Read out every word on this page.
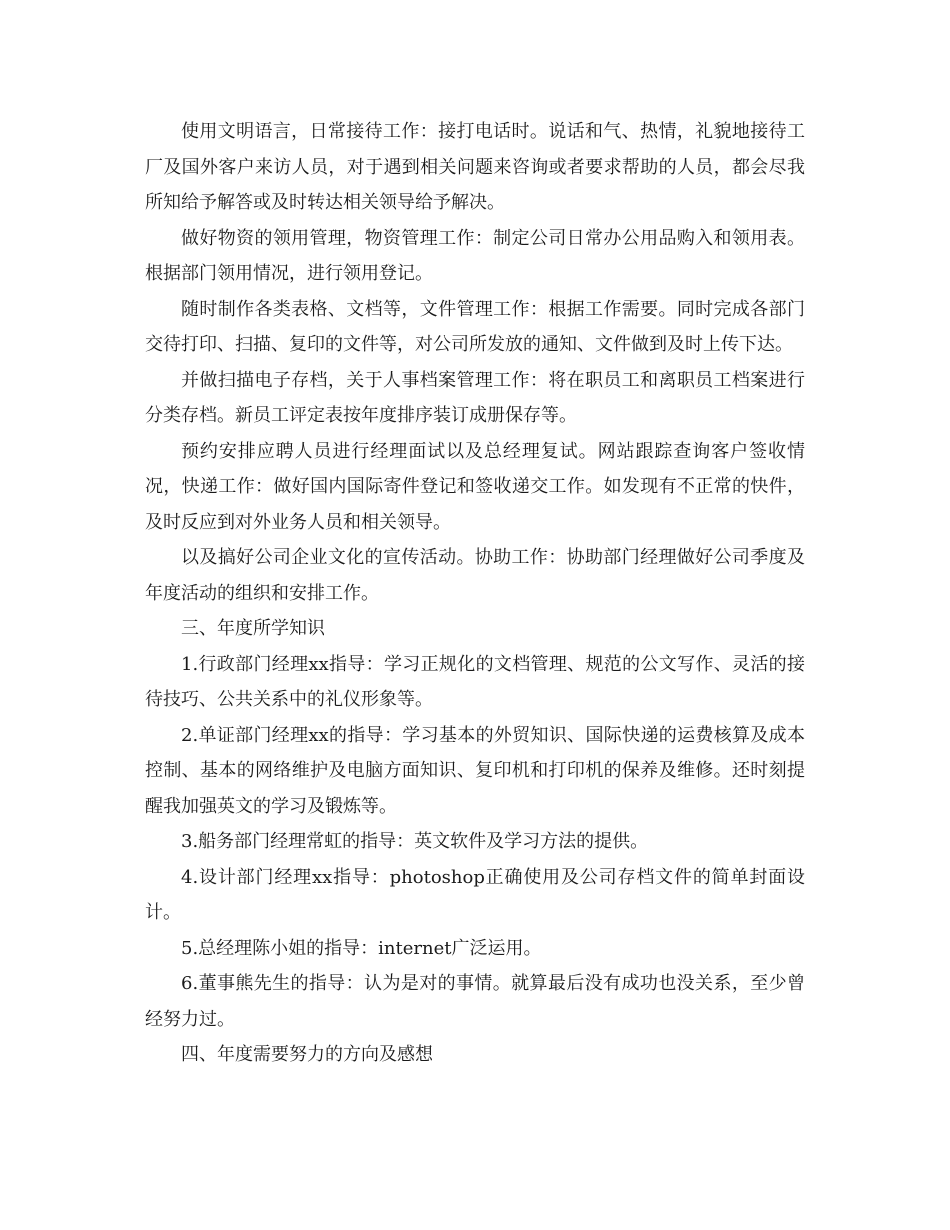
使用文明语言，日常接待工作：接打电话时。说话和气、热情，礼貌地接待工厂及国外客户来访人员，对于遇到相关问题来咨询或者要求帮助的人员，都会尽我所知给予解答或及时转达相关领导给予解决。

做好物资的领用管理，物资管理工作：制定公司日常办公用品购入和领用表。根据部门领用情况，进行领用登记。

随时制作各类表格、文档等，文件管理工作：根据工作需要。同时完成各部门交待打印、扫描、复印的文件等，对公司所发放的通知、文件做到及时上传下达。

并做扫描电子存档，关于人事档案管理工作：将在职员工和离职员工档案进行分类存档。新员工评定表按年度排序装订成册保存等。

预约安排应聘人员进行经理面试以及总经理复试。网站跟踪查询客户签收情况，快递工作：做好国内国际寄件登记和签收递交工作。如发现有不正常的快件，及时反应到对外业务人员和相关领导。

以及搞好公司企业文化的宣传活动。协助工作：协助部门经理做好公司季度及年度活动的组织和安排工作。

三、年度所学知识

1.行政部门经理xx指导：学习正规化的文档管理、规范的公文写作、灵活的接待技巧、公共关系中的礼仪形象等。

2.单证部门经理xx的指导：学习基本的外贸知识、国际快递的运费核算及成本控制、基本的网络维护及电脑方面知识、复印机和打印机的保养及维修。还时刻提醒我加强英文的学习及锻炼等。

3.船务部门经理常虹的指导：英文软件及学习方法的提供。

4.设计部门经理xx指导：photoshop正确使用及公司存档文件的简单封面设计。

5.总经理陈小姐的指导：internet广泛运用。

6.董事熊先生的指导：认为是对的事情。就算最后没有成功也没关系，至少曾经努力过。

四、年度需要努力的方向及感想
